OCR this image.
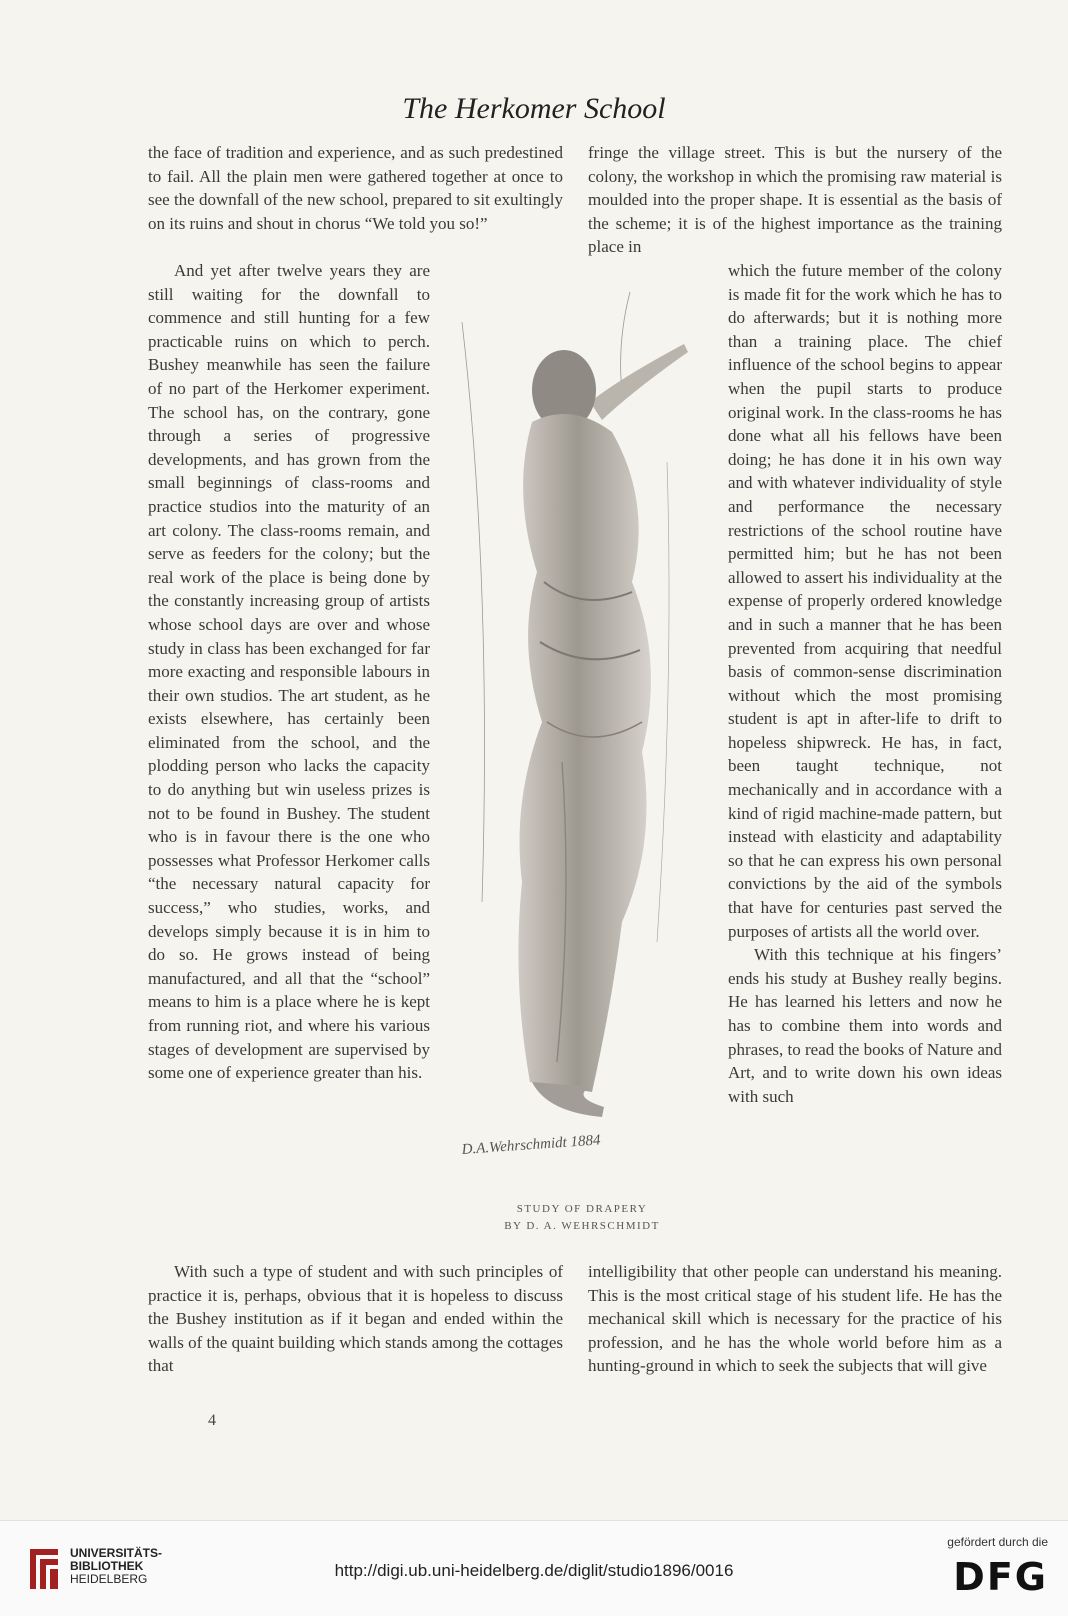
The Herkomer School

the face of tradition and experience, and as such predestined to fail. All the plain men were gathered together at once to see the downfall of the new school, prepared to sit exultingly on its ruins and shout in chorus “We told you so!”

fringe the village street. This is but the nursery of the colony, the workshop in which the promising raw material is moulded into the proper shape. It is essential as the basis of the scheme; it is of the highest importance as the training place in

And yet after twelve years they are still waiting for the downfall to commence and still hunting for a few practicable ruins on which to perch. Bushey meanwhile has seen the failure of no part of the Herkomer experiment. The school has, on the contrary, gone through a series of progressive developments, and has grown from the small beginnings of class-rooms and practice studios into the maturity of an art colony. The class-rooms remain, and serve as feeders for the colony; but the real work of the place is being done by the constantly increasing group of artists whose school days are over and whose study in class has been exchanged for far more exacting and responsible labours in their own studios. The art student, as he exists elsewhere, has certainly been eliminated from the school, and the plodding person who lacks the capacity to do anything but win useless prizes is not to be found in Bushey. The student who is in favour there is the one who possesses what Professor Herkomer calls “the necessary natural capacity for success,” who studies, works, and develops simply because it is in him to do so. He grows instead of being manufactured, and all that the “school” means to him is a place where he is kept from running riot, and where his various stages of development are supervised by some one of experience greater than his.

which the future member of the colony is made fit for the work which he has to do afterwards; but it is nothing more than a training place. The chief influence of the school begins to appear when the pupil starts to produce original work. In the class-rooms he has done what all his fellows have been doing; he has done it in his own way and with whatever individuality of style and performance the necessary restrictions of the school routine have permitted him; but he has not been allowed to assert his individuality at the expense of properly ordered knowledge and in such a manner that he has been prevented from acquiring that needful basis of common-sense discrimination without which the most promising student is apt in after-life to drift to hopeless shipwreck. He has, in fact, been taught technique, not mechanically and in accordance with a kind of rigid machine-made pattern, but instead with elasticity and adaptability so that he can express his own personal convictions by the aid of the symbols that have for centuries past served the purposes of artists all the world over.

With this technique at his fingers’ ends his study at Bushey really begins. He has learned his letters and now he has to combine them into words and phrases, to read the books of Nature and Art, and to write down his own ideas with such

With such a type of student and with such principles of practice it is, perhaps, obvious that it is hopeless to discuss the Bushey institution as if it began and ended within the walls of the quaint building which stands among the cottages that

intelligibility that other people can understand his meaning. This is the most critical stage of his student life. He has the mechanical skill which is necessary for the practice of his profession, and he has the whole world before him as a hunting-ground in which to seek the subjects that will give

D.A.Wehrschmidt 1884
STUDY OF DRAPERY
BY D. A. WEHRSCHMIDT
4
UNIVERSITÄTS-
BIBLIOTHEK
HEIDELBERG	http://digi.ub.uni-heidelberg.de/diglit/studio1896/0016
gefördert durch die
DFG
